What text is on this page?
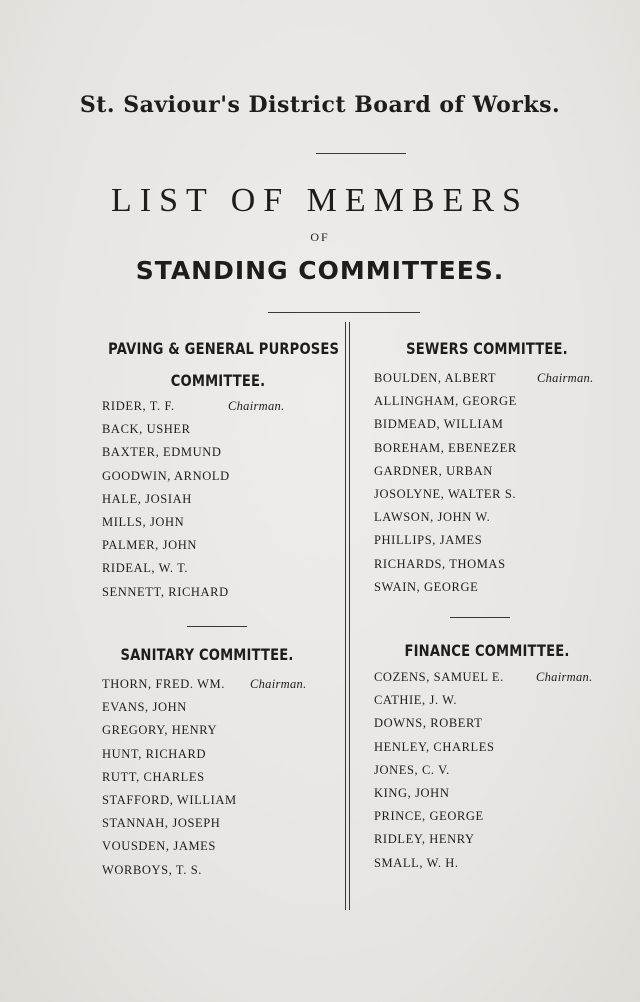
St. Saviour's District Board of Works.
LIST OF MEMBERS
OF
STANDING COMMITTEES.
PAVING & GENERAL PURPOSES
COMMITTEE.
RIDER, T. F.	Chairman.
BACK, USHER
BAXTER, EDMUND
GOODWIN, ARNOLD
HALE, JOSIAH
MILLS, JOHN
PALMER, JOHN
RIDEAL, W. T.
SENNETT, RICHARD
SEWERS COMMITTEE.
BOULDEN, ALBERT	Chairman.
ALLINGHAM, GEORGE
BIDMEAD, WILLIAM
BOREHAM, EBENEZER
GARDNER, URBAN
JOSOLYNE, WALTER S.
LAWSON, JOHN W.
PHILLIPS, JAMES
RICHARDS, THOMAS
SWAIN, GEORGE
SANITARY COMMITTEE.
THORN, FRED. WM. Chairman.
EVANS, JOHN
GREGORY, HENRY
HUNT, RICHARD
RUTT, CHARLES
STAFFORD, WILLIAM
STANNAH, JOSEPH
VOUSDEN, JAMES
WORBOYS, T. S.
FINANCE COMMITTEE.
COZENS, SAMUEL E.	Chairman.
CATHIE, J. W.
DOWNS, ROBERT
HENLEY, CHARLES
JONES, C. V.
KING, JOHN
PRINCE, GEORGE
RIDLEY, HENRY
SMALL, W. H.
